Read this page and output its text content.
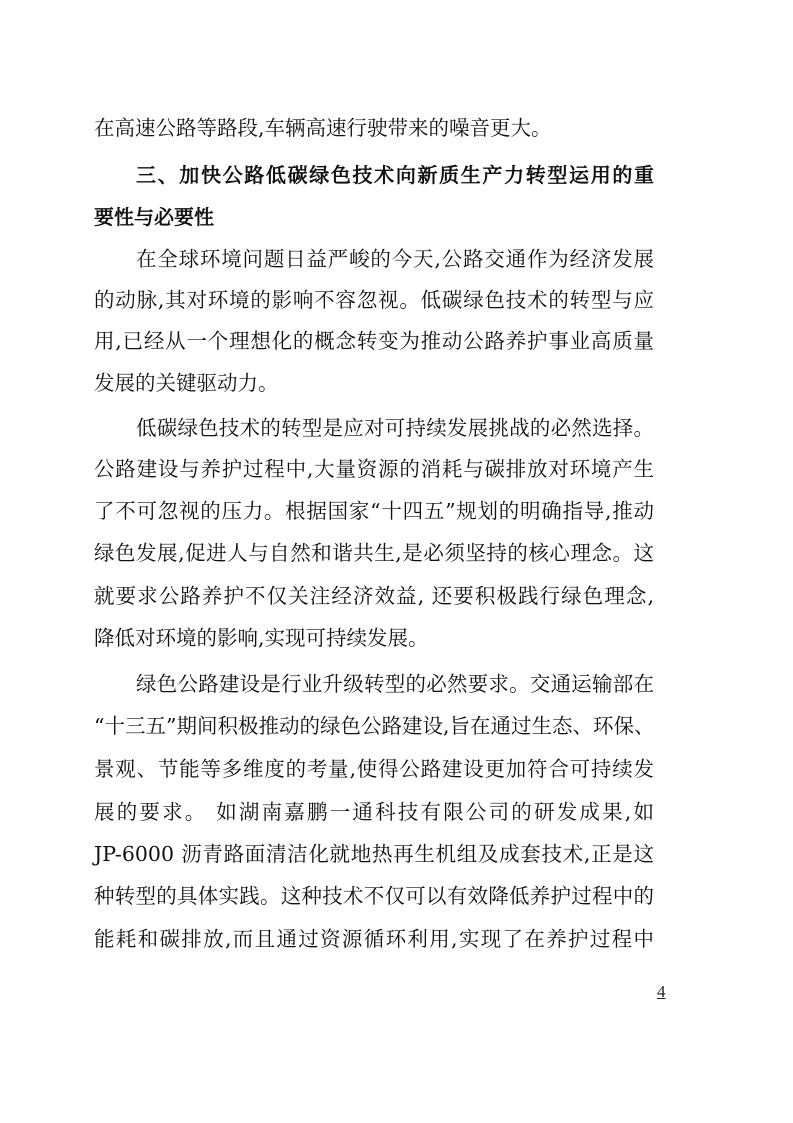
在高速公路等路段,车辆高速行驶带来的噪音更大。
三、加快公路低碳绿色技术向新质生产力转型运用的重
要性与必要性
在全球环境问题日益严峻的今天,公路交通作为经济发展
的动脉,其对环境的影响不容忽视。低碳绿色技术的转型与应
用,已经从一个理想化的概念转变为推动公路养护事业高质量
发展的关键驱动力。
低碳绿色技术的转型是应对可持续发展挑战的必然选择。
公路建设与养护过程中,大量资源的消耗与碳排放对环境产生
了不可忽视的压力。根据国家“十四五”规划的明确指导,推动
绿色发展,促进人与自然和谐共生,是必须坚持的核心理念。这
就要求公路养护不仅关注经济效益, 还要积极践行绿色理念,
降低对环境的影响,实现可持续发展。
绿色公路建设是行业升级转型的必然要求。交通运输部在
“十三五”期间积极推动的绿色公路建设,旨在通过生态、环保、
景观、节能等多维度的考量,使得公路建设更加符合可持续发
展的要求。 如湖南嘉鹏一通科技有限公司的研发成果,如
JP-6000 沥青路面清洁化就地热再生机组及成套技术,正是这
种转型的具体实践。这种技术不仅可以有效降低养护过程中的
能耗和碳排放,而且通过资源循环利用,实现了在养护过程中
4
